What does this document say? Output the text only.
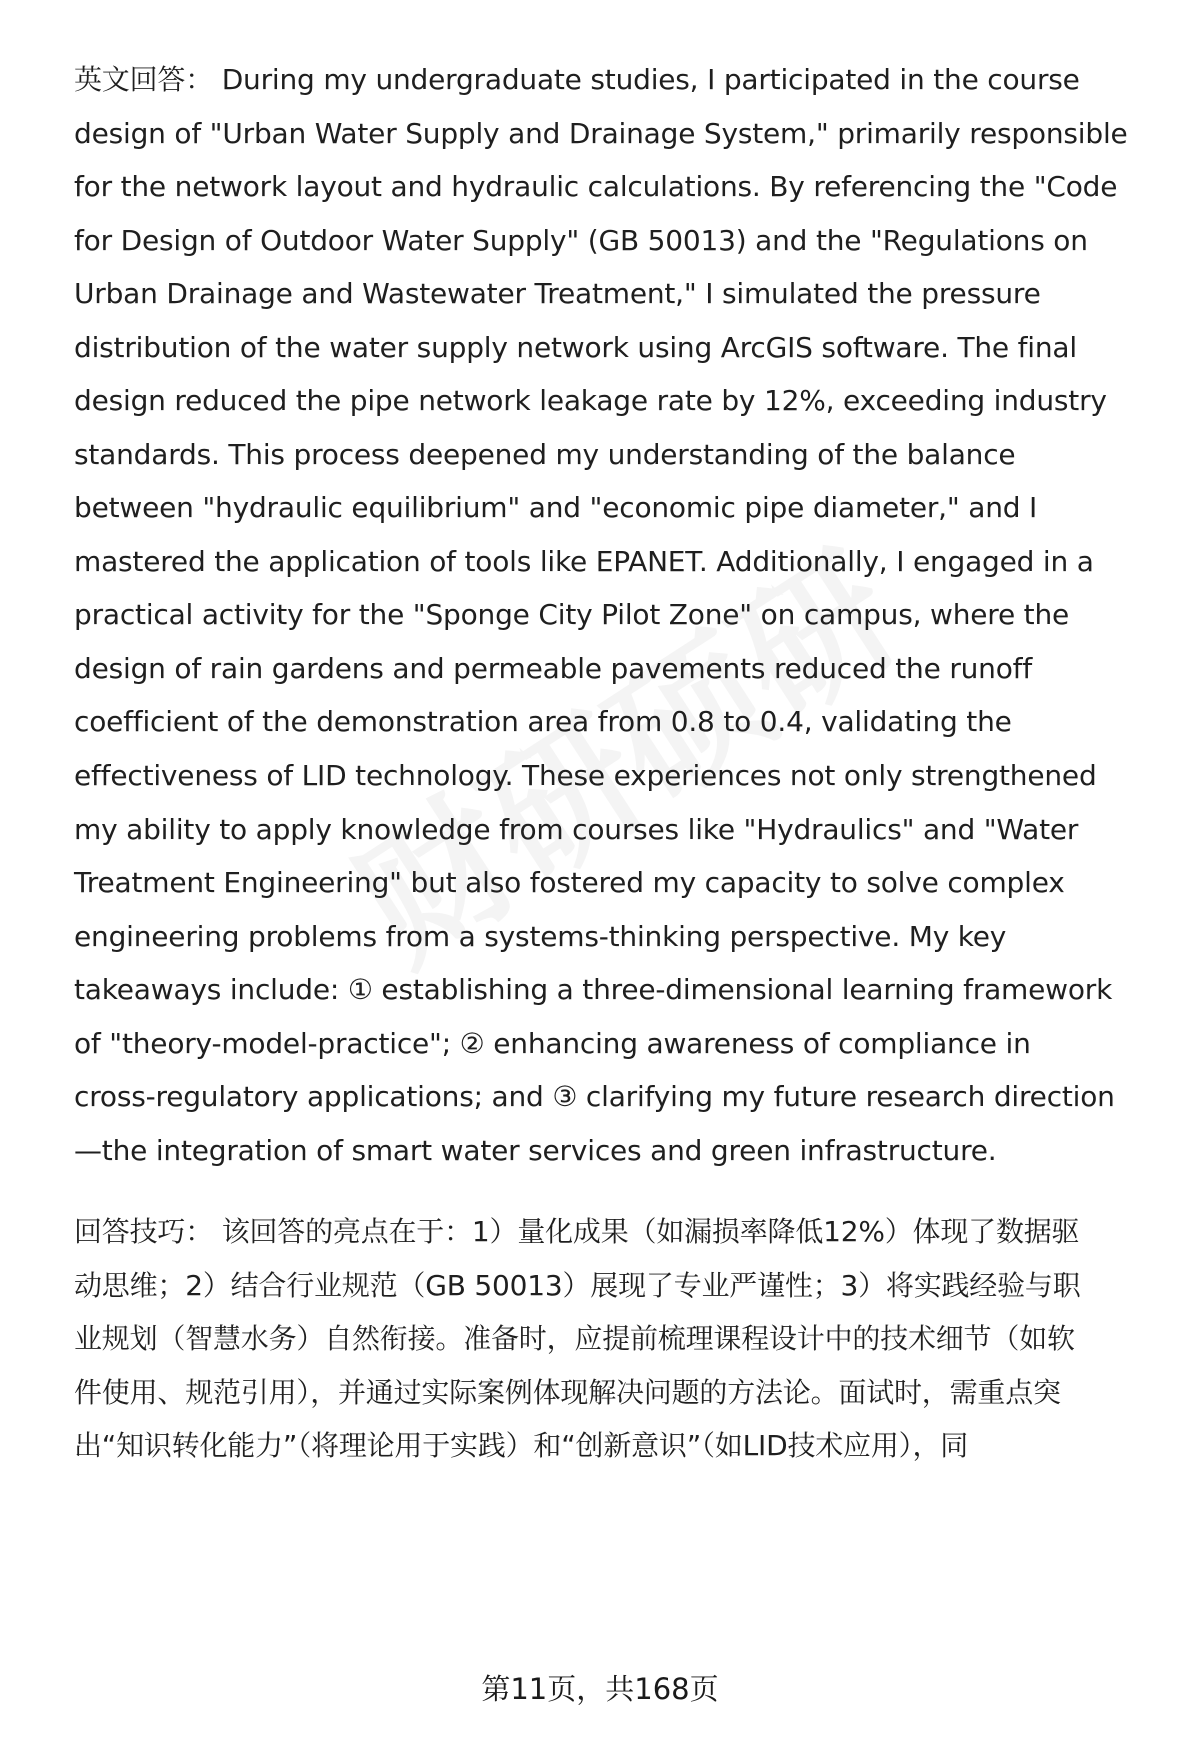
英文回答： During my undergraduate studies, I participated in the course
design of "Urban Water Supply and Drainage System," primarily responsible
for the network layout and hydraulic calculations. By referencing the "Code
for Design of Outdoor Water Supply" (GB 50013) and the "Regulations on
Urban Drainage and Wastewater Treatment," I simulated the pressure
distribution of the water supply network using ArcGIS software. The final
design reduced the pipe network leakage rate by 12%, exceeding industry
standards. This process deepened my understanding of the balance
between "hydraulic equilibrium" and "economic pipe diameter," and I
mastered the application of tools like EPANET. Additionally, I engaged in a
practical activity for the "Sponge City Pilot Zone" on campus, where the
design of rain gardens and permeable pavements reduced the runoff
coefficient of the demonstration area from 0.8 to 0.4, validating the
effectiveness of LID technology. These experiences not only strengthened
my ability to apply knowledge from courses like "Hydraulics" and "Water
Treatment Engineering" but also fostered my capacity to solve complex
engineering problems from a systems-thinking perspective. My key
takeaways include: ① establishing a three-dimensional learning framework
of "theory-model-practice"; ② enhancing awareness of compliance in
cross-regulatory applications; and ③ clarifying my future research direction
—the integration of smart water services and green infrastructure.
回答技巧： 该回答的亮点在于：1）量化成果（如漏损率降低12%）体现了数据驱
动思维；2）结合行业规范（GB 50013）展现了专业严谨性；3）将实践经验与职
业规划（智慧水务）自然衔接。准备时，应提前梳理课程设计中的技术细节（如软
件使用、规范引用），并通过实际案例体现解决问题的方法论。面试时，需重点突
出“知识转化能力”（将理论用于实践）和“创新意识”（如LID技术应用），同
第11页，共168页
